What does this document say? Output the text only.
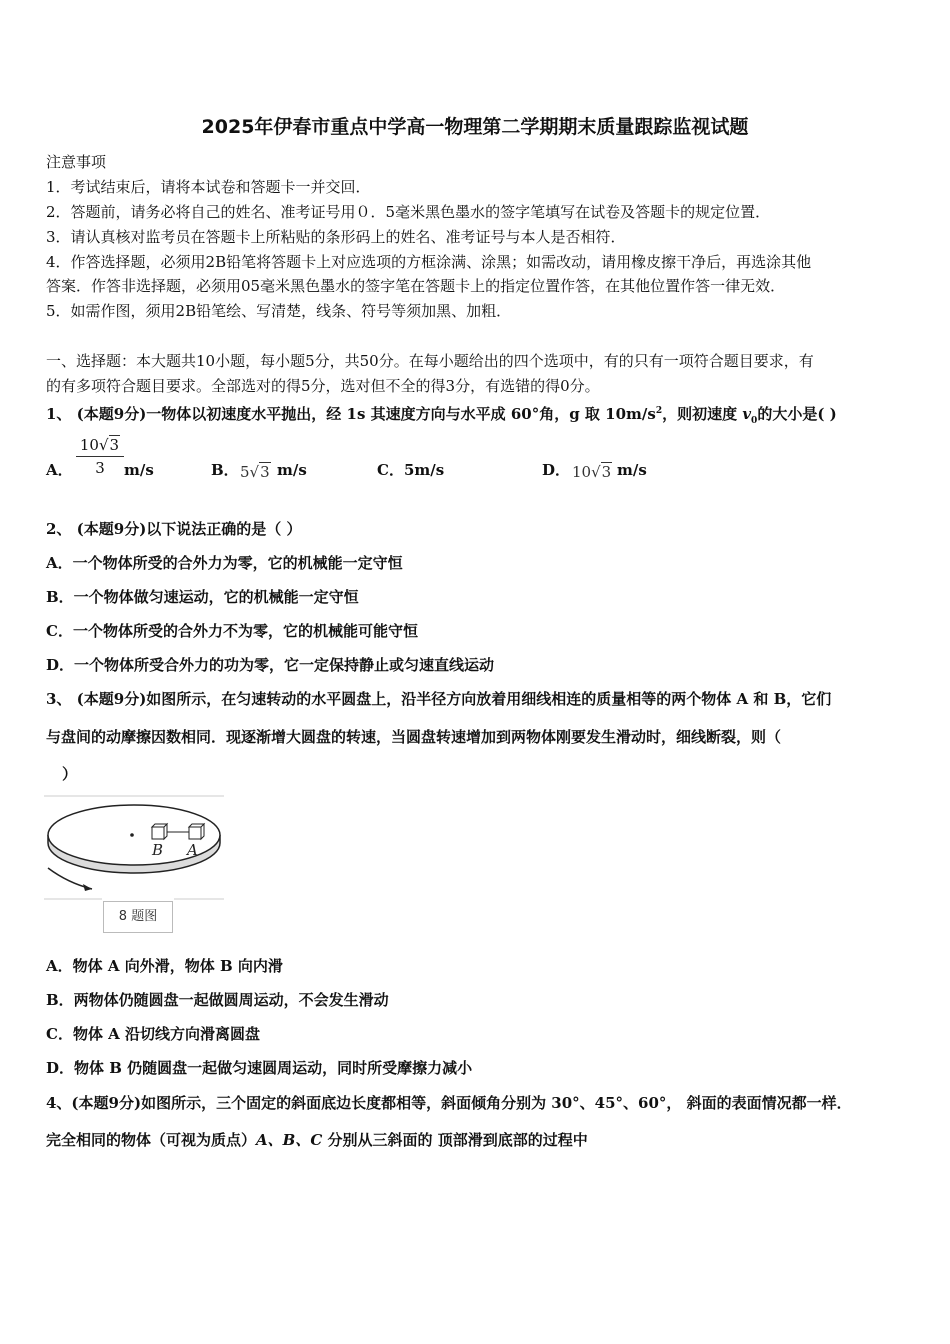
2025年伊春市重点中学高一物理第二学期期末质量跟踪监视试题
注意事项
1．考试结束后，请将本试卷和答题卡一并交回．
2．答题前，请务必将自己的姓名、准考证号用０．5毫米黑色墨水的签字笔填写在试卷及答题卡的规定位置．
3．请认真核对监考员在答题卡上所粘贴的条形码上的姓名、准考证号与本人是否相符．
4．作答选择题，必须用2B铅笔将答题卡上对应选项的方框涂满、涂黑；如需改动，请用橡皮擦干净后，再选涂其他
答案．作答非选择题，必须用05毫米黑色墨水的签字笔在答题卡上的指定位置作答，在其他位置作答一律无效．
5．如需作图，须用2B铅笔绘、写清楚，线条、符号等须加黑、加粗．
一、选择题：本大题共10小题，每小题5分，共50分。在每小题给出的四个选项中，有的只有一项符合题目要求，有
的有多项符合题目要求。全部选对的得5分，选对但不全的得3分，有选错的得0分。
1、 (本题9分)一物体以初速度水平抛出，经 1s 其速度方向与水平成 60°角，g 取 $10m/s^2$，则初速度 $v_0$的大小是( )
A． $\frac{10√3}{3} m/s$	B． 5√3 m/s	C．5m/s	D． 10√3 m/s
2、 (本题9分)以下说法正确的是（ ）
A．一个物体所受的合外力为零，它的机械能一定守恒
B．一个物体做匀速运动，它的机械能一定守恒
C．一个物体所受的合外力不为零，它的机械能可能守恒
D．一个物体所受合外力的功为零，它一定保持静止或匀速直线运动
3、 (本题9分)如图所示，在匀速转动的水平圆盘上，沿半径方向放着用细线相连的质量相等的两个物体 A 和 B，它们
与盘间的动摩擦因数相同．现逐渐增大圆盘的转速，当圆盘转速增加到两物体刚要发生滑动时，细线断裂，则（
）
B A
8 题图
A．物体 A 向外滑，物体 B 向内滑
B．两物体仍随圆盘一起做圆周运动，不会发生滑动
C．物体 A 沿切线方向滑离圆盘
D．物体 B 仍随圆盘一起做匀速圆周运动，同时所受摩擦力减小
4、(本题9分)如图所示，三个固定的斜面底边长度都相等，斜面倾角分别为 30°、45°、60°， 斜面的表面情况都一样．
完全相同的物体（可视为质点）A、B、C 分别从三斜面的 顶部滑到底部的过程中
